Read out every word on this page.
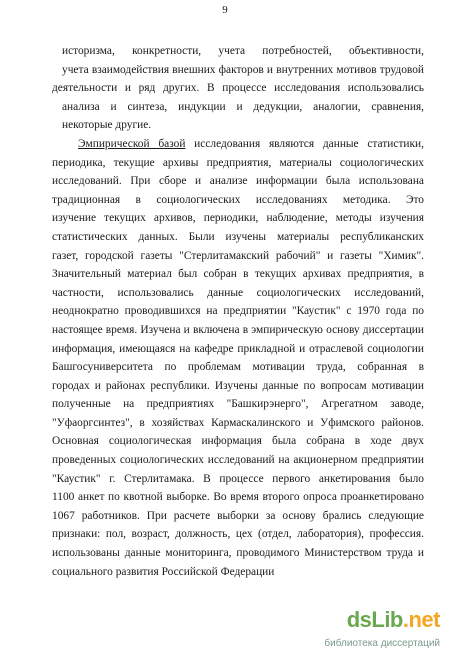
9
историзма, конкретности, учета потребностей, объективности,
учета взаимодействия внешних факторов и внутренних мотивов трудовой
деятельности и ряд других. В процессе исследования использовались
анализа и синтеза, индукции и дедукции, аналогии, сравнения,
некоторые другие.
Эмпирической базой исследования являются данные статистики,
периодика, текущие архивы предприятия, материалы социологических
исследований. При сборе и анализе информации была использована
традиционная в социологических исследованиях методика. Это
изучение текущих архивов, периодики, наблюдение, методы изучения
статистических данных. Были изучены материалы республиканских
газет, городской газеты "Стерлитамакский рабочий" и газеты "Химик".
Значительный материал был собран в текущих архивах предприятия, в
частности, использовались данные социологических исследований,
неоднократно проводившихся на предприятии "Каустик" с 1970 года по
настоящее время. Изучена и включена в эмпирическую основу диссертации
информация, имеющаяся на кафедре прикладной и отраслевой социологии
Башгосуниверситета по проблемам мотивации труда, собранная в
городах и районах республики. Изучены данные по вопросам мотивации
полученные на предприятиях "Башкирэнерго", Агрегатном заводе,
"Уфаоргсинтез", в хозяйствах Кармаскалинского и Уфимского районов.
Основная социологическая информация была собрана в ходе двух
проведенных социологических исследований на акционерном предприятии
"Каустик" г. Стерлитамака. В процессе первого анкетирования было
1100 анкет по квотной выборке. Во время второго опроса проанкетировано
1067 работников. При расчете выборки за основу брались следующие
признаки: пол, возраст, должность, цех (отдел, лаборатория), профессия.
использованы данные мониторинга, проводимого Министерством труда и
социального развития Российской Федерации
dsLib.net
библиотека диссертаций
